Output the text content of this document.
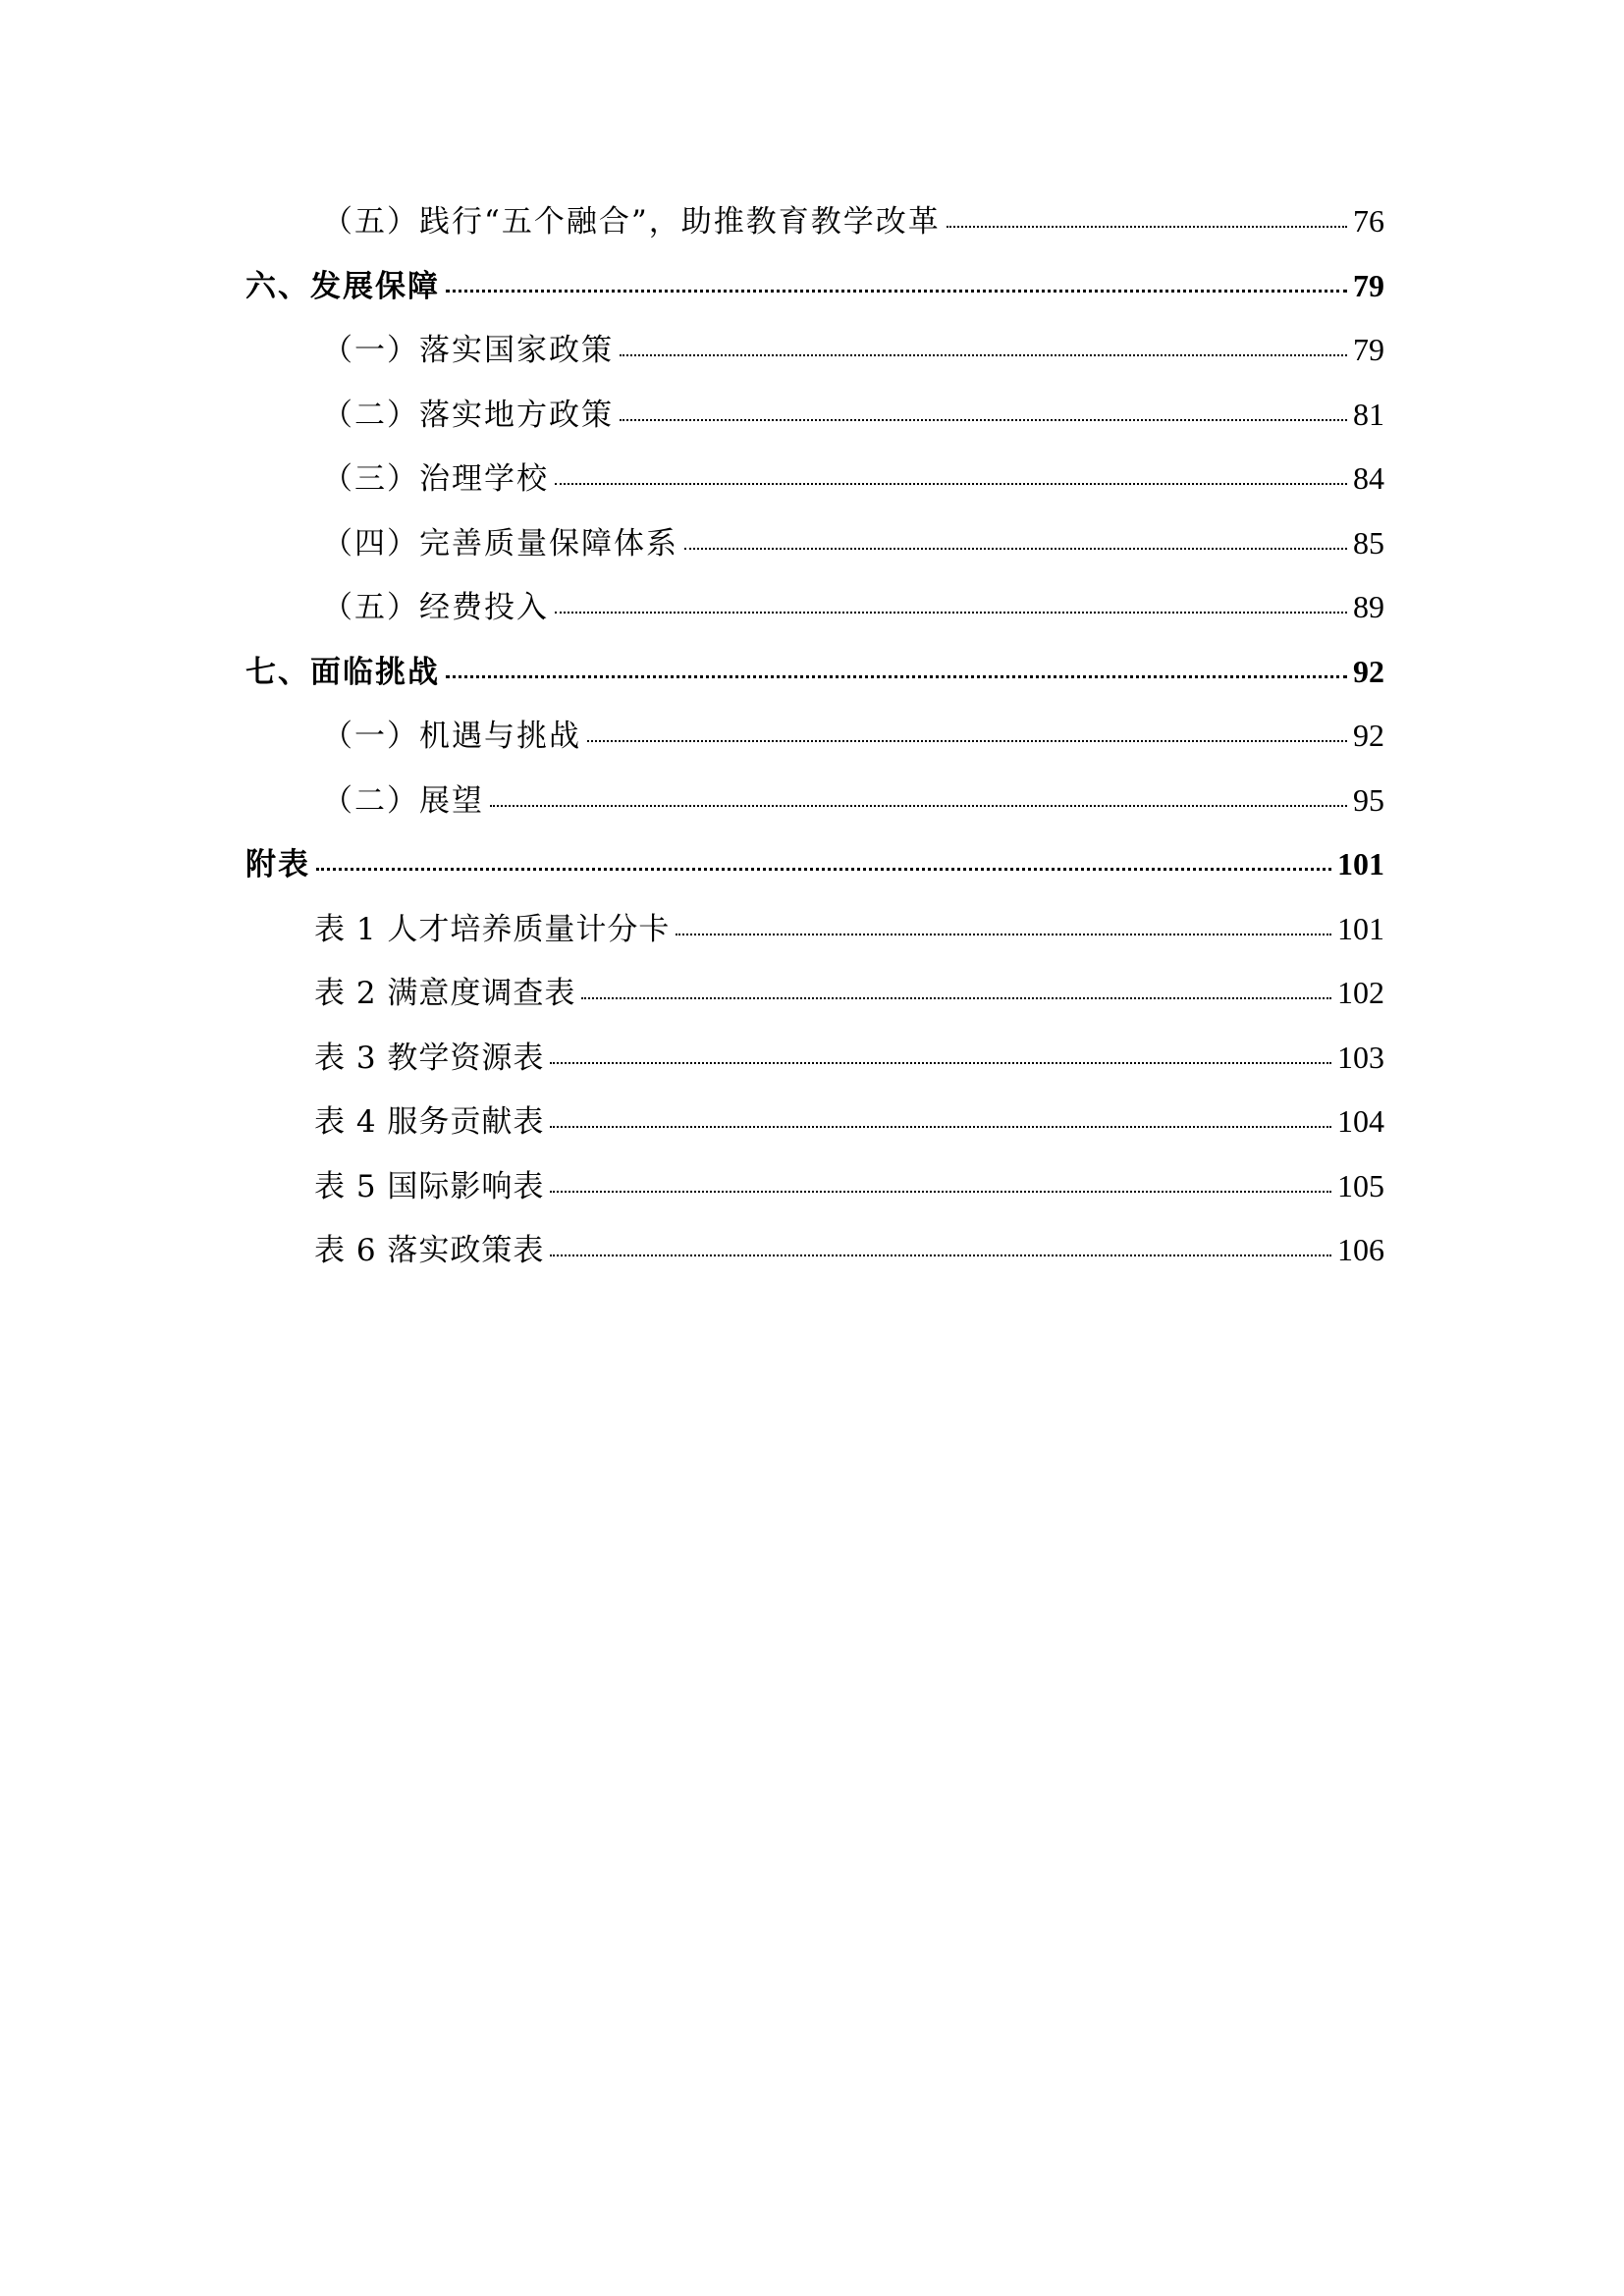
（五）践行“五个融合”，助推教育教学改革	76
六、发展保障	79
（一）落实国家政策	79
（二）落实地方政策	81
（三）治理学校	84
（四）完善质量保障体系	85
（五）经费投入	89
七、面临挑战	92
（一）机遇与挑战	92
（二）展望	95
附表	101
表 1 人才培养质量计分卡	101
表 2 满意度调查表	102
表 3 教学资源表	103
表 4 服务贡献表	104
表 5 国际影响表	105
表 6 落实政策表	106
